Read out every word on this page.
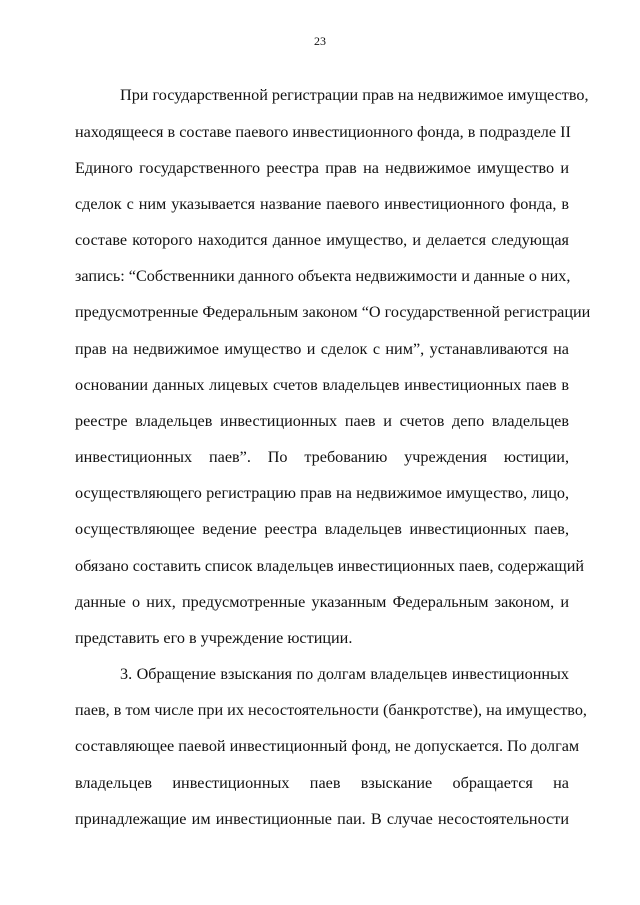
23
При государственной регистрации прав на недвижимое имущество,
находящееся в составе паевого инвестиционного фонда, в подразделе II
Единого государственного реестра прав на недвижимое имущество и
сделок с ним указывается название паевого инвестиционного фонда, в
составе которого находится данное имущество, и делается следующая
запись: “Собственники данного объекта недвижимости и данные о них,
предусмотренные Федеральным законом “О государственной регистрации
прав на недвижимое имущество и сделок с ним”, устанавливаются на
основании данных лицевых счетов владельцев инвестиционных паев в
реестре владельцев инвестиционных паев и счетов депо владельцев
инвестиционных паев”. По требованию учреждения юстиции,
осуществляющего регистрацию прав на недвижимое имущество, лицо,
осуществляющее ведение реестра владельцев инвестиционных паев,
обязано составить список владельцев инвестиционных паев, содержащий
данные о них, предусмотренные указанным Федеральным законом, и
представить его в учреждение юстиции.
3. Обращение взыскания по долгам владельцев инвестиционных
паев, в том числе при их несостоятельности (банкротстве), на имущество,
составляющее паевой инвестиционный фонд, не допускается. По долгам
владельцев инвестиционных паев взыскание обращается на
принадлежащие им инвестиционные паи. В случае несостоятельности
